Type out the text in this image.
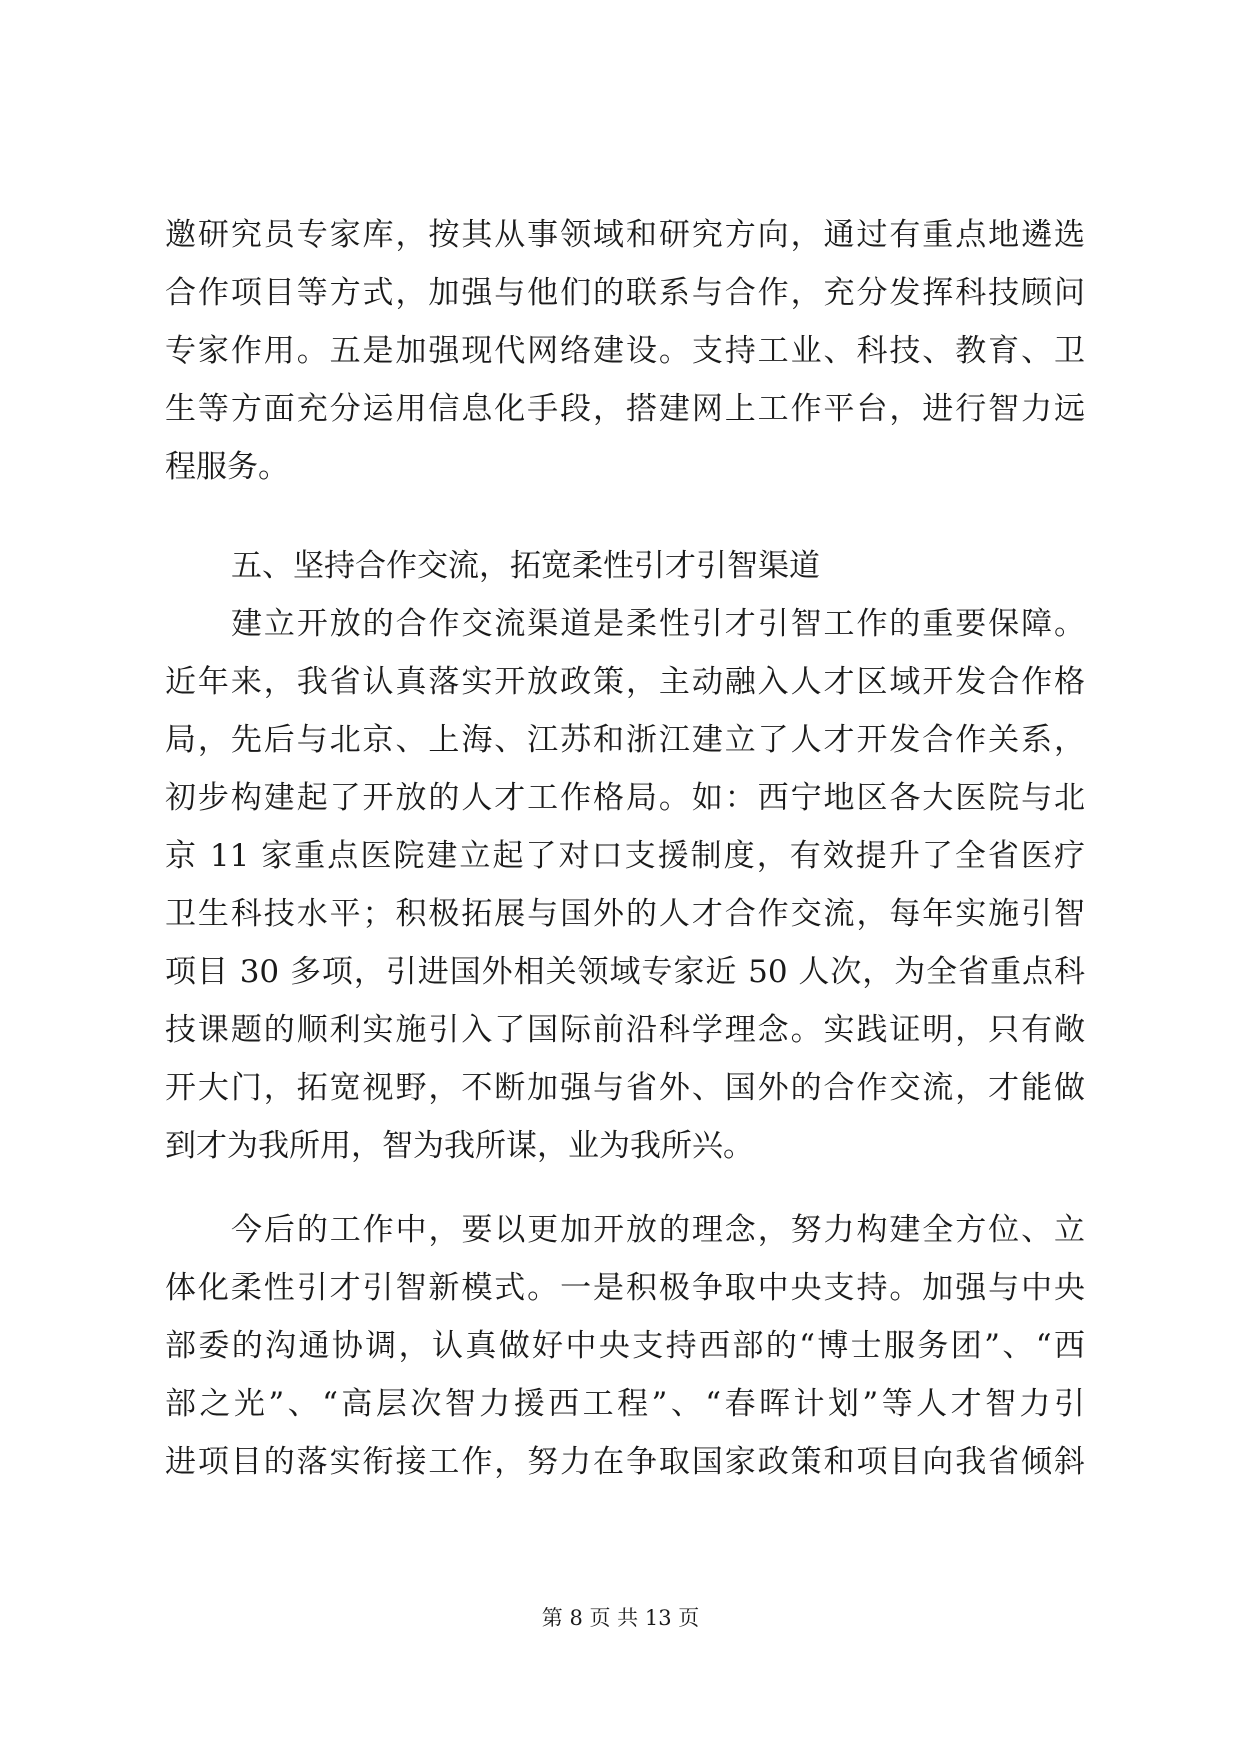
邀研究员专家库，按其从事领域和研究方向，通过有重点地遴选
合作项目等方式，加强与他们的联系与合作，充分发挥科技顾问
专家作用。五是加强现代网络建设。支持工业、科技、教育、卫
生等方面充分运用信息化手段，搭建网上工作平台，进行智力远
程服务。
五、坚持合作交流，拓宽柔性引才引智渠道
建立开放的合作交流渠道是柔性引才引智工作的重要保障。
近年来，我省认真落实开放政策，主动融入人才区域开发合作格
局，先后与北京、上海、江苏和浙江建立了人才开发合作关系，
初步构建起了开放的人才工作格局。如：西宁地区各大医院与北
京 11 家重点医院建立起了对口支援制度，有效提升了全省医疗
卫生科技水平；积极拓展与国外的人才合作交流，每年实施引智
项目 30 多项，引进国外相关领域专家近 50 人次，为全省重点科
技课题的顺利实施引入了国际前沿科学理念。实践证明，只有敞
开大门，拓宽视野，不断加强与省外、国外的合作交流，才能做
到才为我所用，智为我所谋，业为我所兴。
今后的工作中，要以更加开放的理念，努力构建全方位、立
体化柔性引才引智新模式。一是积极争取中央支持。加强与中央
部委的沟通协调，认真做好中央支持西部的“博士服务团”、“西
部之光”、“高层次智力援西工程”、“春晖计划”等人才智力引
进项目的落实衔接工作，努力在争取国家政策和项目向我省倾斜
第 8 页 共 13 页
